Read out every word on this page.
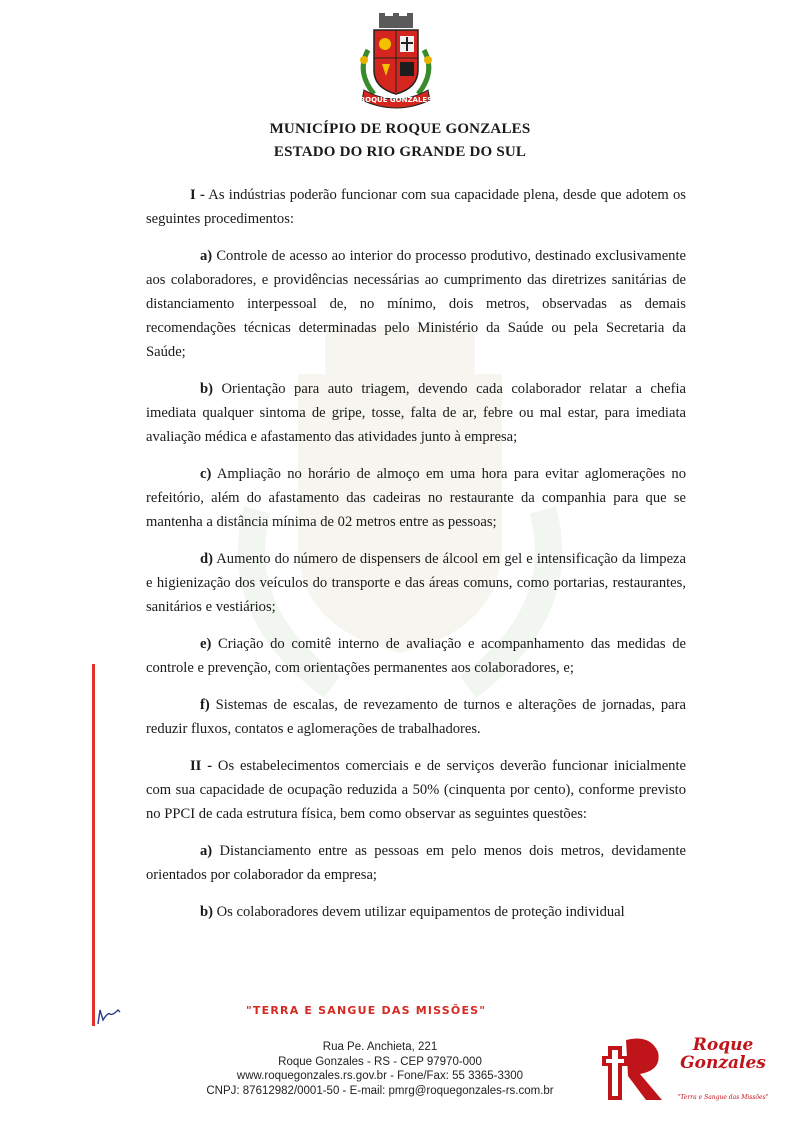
ROQUE GONZALES
MUNICÍPIO DE ROQUE GONZALES
ESTADO DO RIO GRANDE DO SUL

I - As indústrias poderão funcionar com sua capacidade plena, desde que adotem os seguintes procedimentos:

a) Controle de acesso ao interior do processo produtivo, destinado exclusivamente aos colaboradores, e providências necessárias ao cumprimento das diretrizes sanitárias de distanciamento interpessoal de, no mínimo, dois metros, observadas as demais recomendações técnicas determinadas pelo Ministério da Saúde ou pela Secretaria da Saúde;

b) Orientação para auto triagem, devendo cada colaborador relatar a chefia imediata qualquer sintoma de gripe, tosse, falta de ar, febre ou mal estar, para imediata avaliação médica e afastamento das atividades junto à empresa;

c) Ampliação no horário de almoço em uma hora para evitar aglomerações no refeitório, além do afastamento das cadeiras no restaurante da companhia para que se mantenha a distância mínima de 02 metros entre as pessoas;

d) Aumento do número de dispensers de álcool em gel e intensificação da limpeza e higienização dos veículos do transporte e das áreas comuns, como portarias, restaurantes, sanitários e vestiários;

e) Criação do comitê interno de avaliação e acompanhamento das medidas de controle e prevenção, com orientações permanentes aos colaboradores, e;

f) Sistemas de escalas, de revezamento de turnos e alterações de jornadas, para reduzir fluxos, contatos e aglomerações de trabalhadores.

II - Os estabelecimentos comerciais e de serviços deverão funcionar inicialmente com sua capacidade de ocupação reduzida a 50% (cinquenta por cento), conforme previsto no PPCI de cada estrutura física, bem como observar as seguintes questões:

a) Distanciamento entre as pessoas em pelo menos dois metros, devidamente orientados por colaborador da empresa;

b) Os colaboradores devem utilizar equipamentos de proteção individual

"TERRA E SANGUE DAS MISSÕES"
Rua Pe. Anchieta, 221
Roque Gonzales - RS - CEP 97970-000
www.roquegonzales.rs.gov.br - Fone/Fax: 55 3365-3300
CNPJ: 87612982/0001-50 - E-mail: pmrg@roquegonzales-rs.com.br
Roque
Gonzales
"Terra e Sangue das Missões"
